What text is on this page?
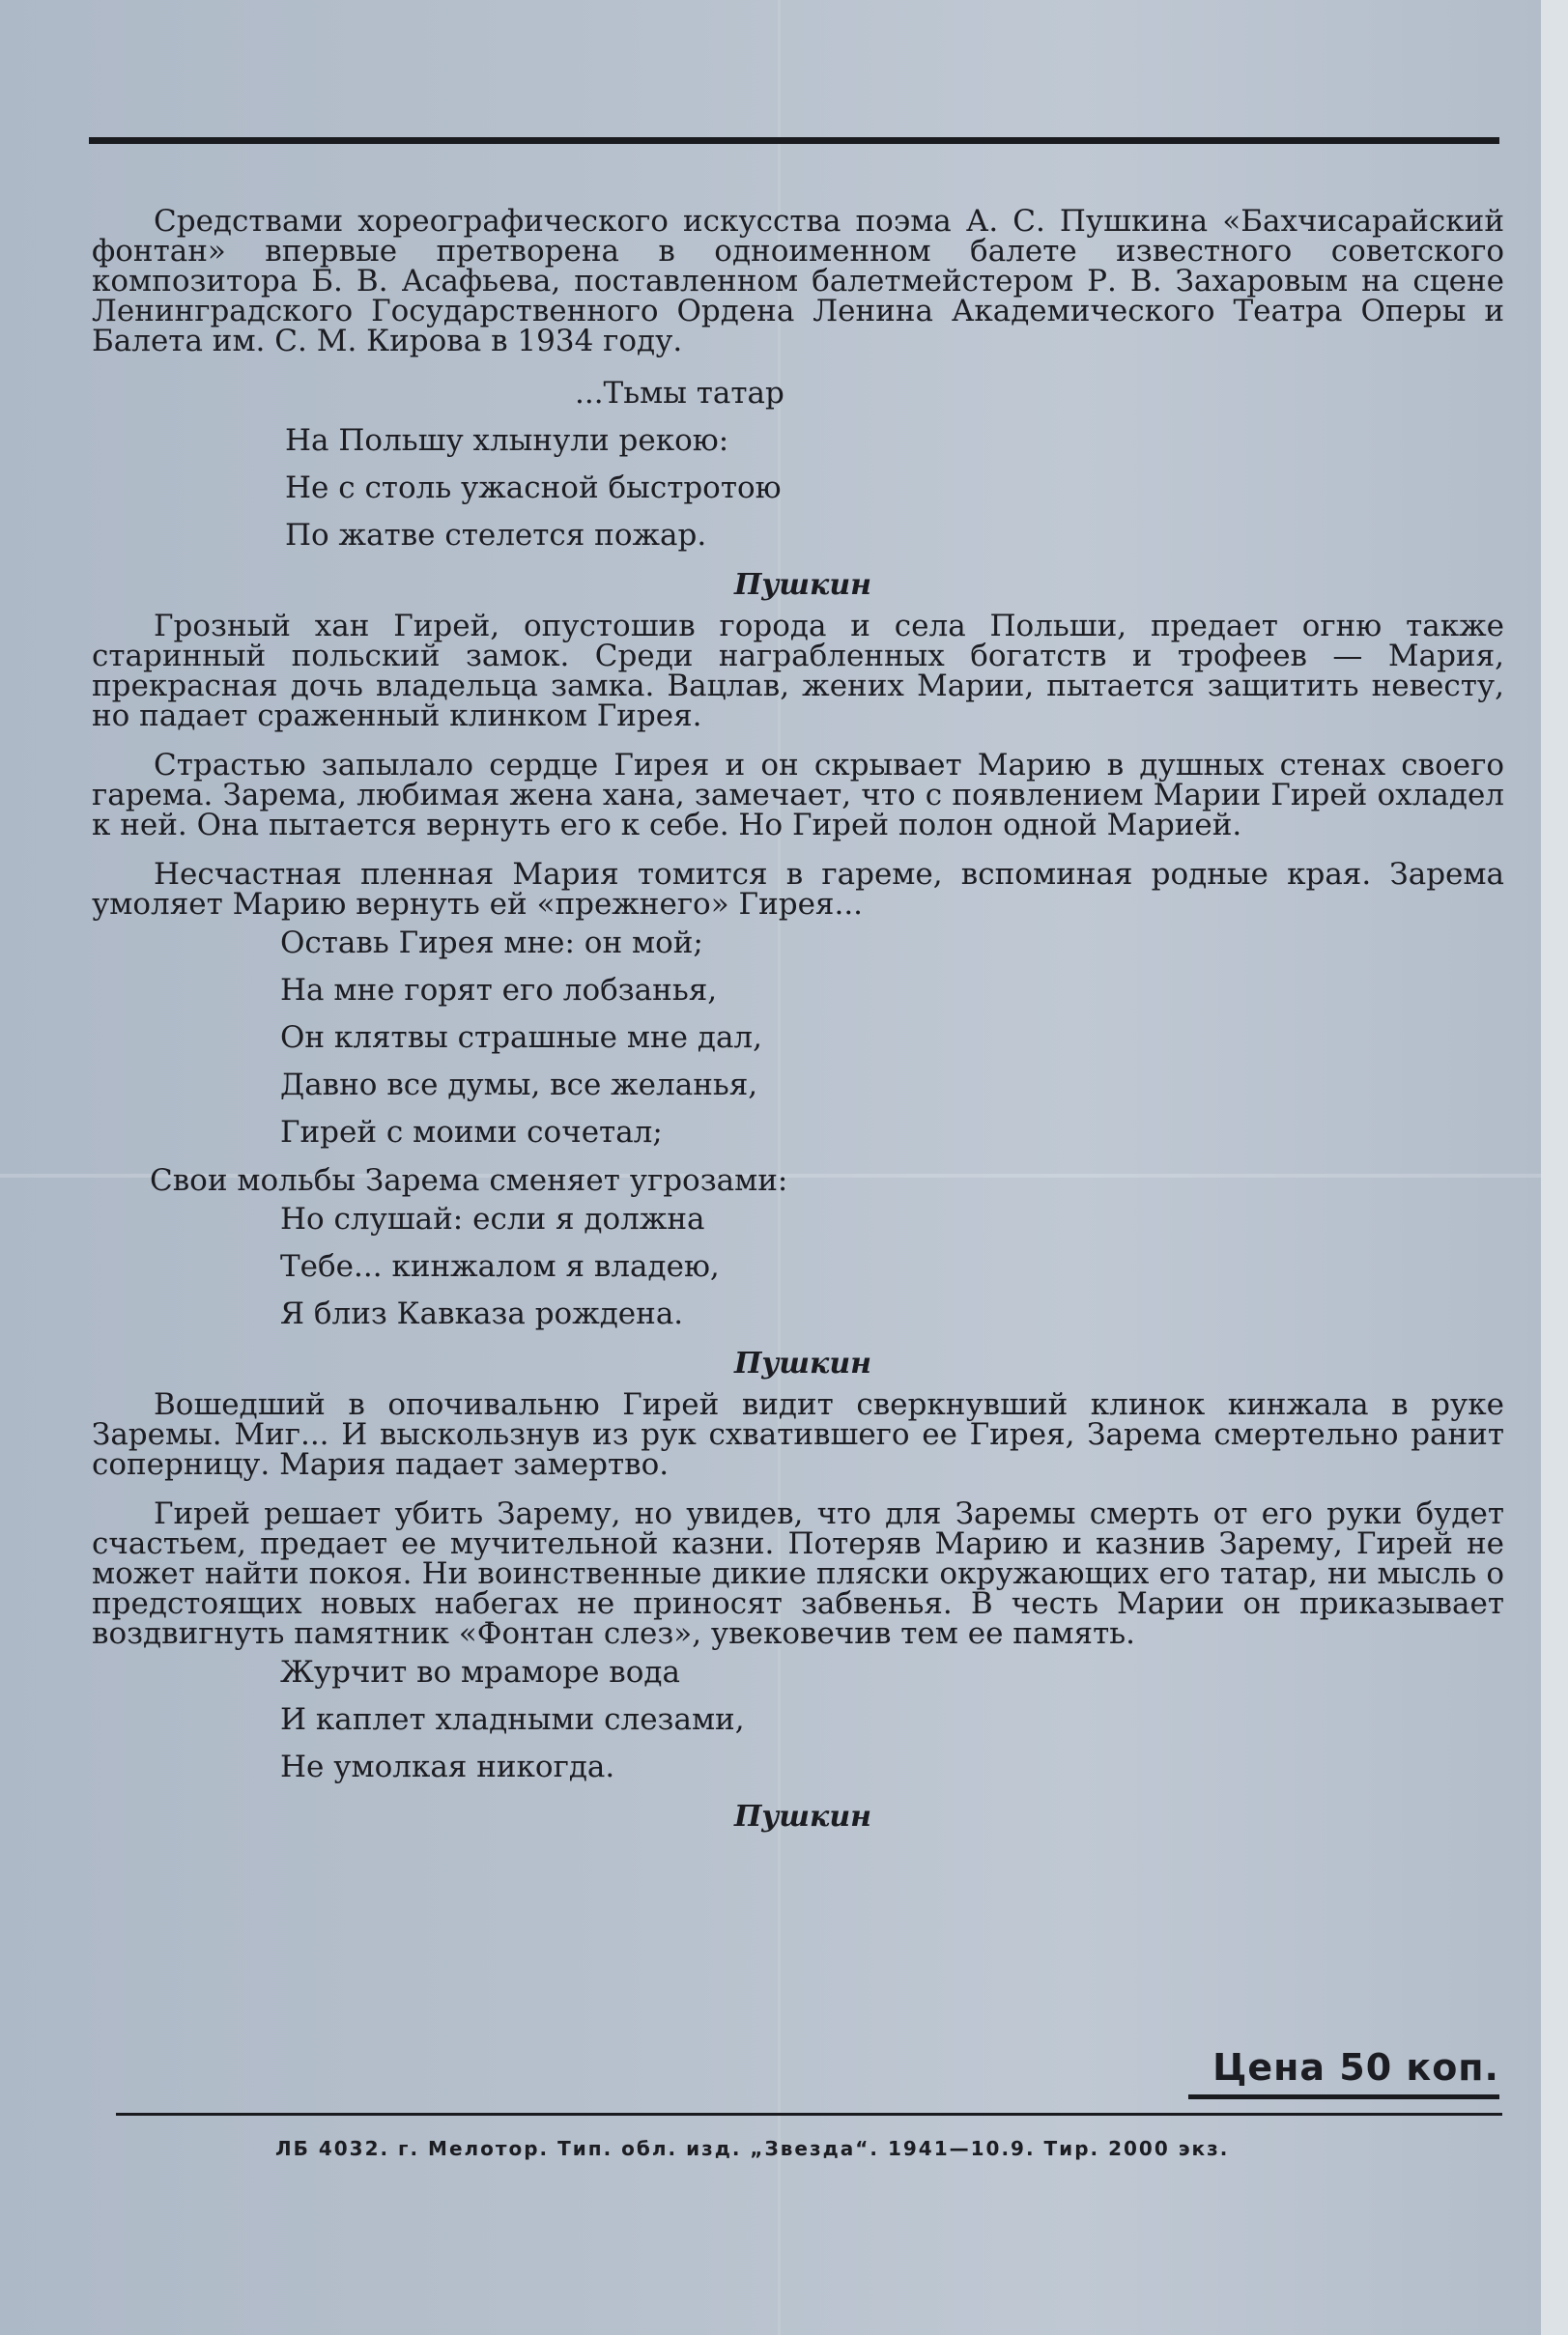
Средствами хореографического искусства поэма А. С. Пушкина «Бахчисарайский фонтан» впервые претворена в одноименном балете известного советского композитора Б. В. Асафьева, поставленном балетмейстером Р. В. Захаровым на сцене Ленинградского Государственного Ордена Ленина Академического Театра Оперы и Балета им. С. М. Кирова в 1934 году.

...Тьмы татар
На Польшу хлынули рекою:
Не с столь ужасной быстротою
По жатве стелется пожар.
Пушкин

Грозный хан Гирей, опустошив города и села Польши, предает огню также старинный польский замок. Среди награбленных богатств и трофеев — Мария, прекрасная дочь владельца замка. Вацлав, жених Марии, пытается защитить невесту, но падает сраженный клинком Гирея.

Страстью запылало сердце Гирея и он скрывает Марию в душных стенах своего гарема. Зарема, любимая жена хана, замечает, что с появлением Марии Гирей охладел к ней. Она пытается вернуть его к себе. Но Гирей полон одной Марией.

Несчастная пленная Мария томится в гареме, вспоминая родные края. Зарема умоляет Марию вернуть ей «прежнего» Гирея...

Оставь Гирея мне: он мой;
На мне горят его лобзанья,
Он клятвы страшные мне дал,
Давно все думы, все желанья,
Гирей с моими сочетал;

Свои мольбы Зарема сменяет угрозами:

Но слушай: если я должна
Тебе... кинжалом я владею,
Я близ Кавказа рождена.
Пушкин

Вошедший в опочивальню Гирей видит сверкнувший клинок кинжала в руке Заремы. Миг... И выскользнув из рук схватившего ее Гирея, Зарема смертельно ранит соперницу. Мария падает замертво.

Гирей решает убить Зарему, но увидев, что для Заремы смерть от его руки будет счастьем, предает ее мучительной казни. Потеряв Марию и казнив Зарему, Гирей не может найти покоя. Ни воинственные дикие пляски окружающих его татар, ни мысль о предстоящих новых набегах не приносят забвенья. В честь Марии он приказывает воздвигнуть памятник «Фонтан слез», увековечив тем ее память.

Журчит во мраморе вода
И каплет хладными слезами,
Не умолкая никогда.
Пушкин
Цена 50 коп.
ЛБ 4032. г. Мелотор. Тип. обл. изд. „Звезда“. 1941—10.9. Тир. 2000 экз.
